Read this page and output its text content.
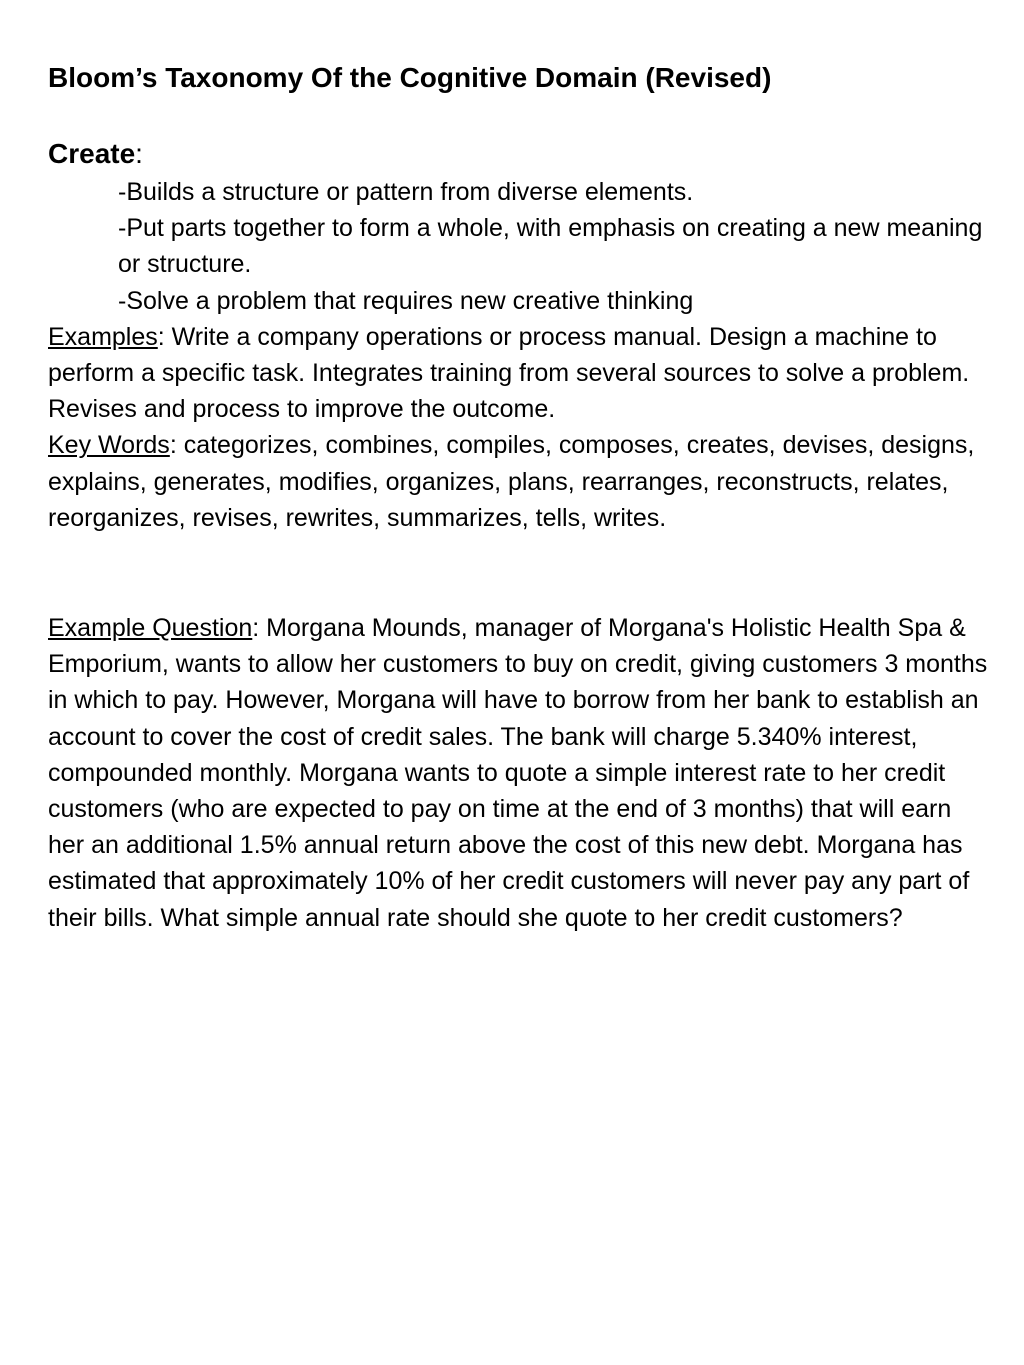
Bloom’s Taxonomy Of the Cognitive Domain (Revised)
Create:
-Builds a structure or pattern from diverse elements.
-Put parts together to form a whole, with emphasis on creating a new meaning or structure.
-Solve a problem that requires new creative thinking

Examples: Write a company operations or process manual. Design a machine to perform a specific task. Integrates training from several sources to solve a problem. Revises and process to improve the outcome.

Key Words: categorizes, combines, compiles, composes, creates, devises, designs, explains, generates, modifies, organizes, plans, rearranges, reconstructs, relates, reorganizes, revises, rewrites, summarizes, tells, writes.

Example Question: Morgana Mounds, manager of Morgana's Holistic Health Spa & Emporium, wants to allow her customers to buy on credit, giving customers 3 months in which to pay. However, Morgana will have to borrow from her bank to establish an account to cover the cost of credit sales. The bank will charge 5.340% interest, compounded monthly. Morgana wants to quote a simple interest rate to her credit customers (who are expected to pay on time at the end of 3 months) that will earn her an additional 1.5% annual return above the cost of this new debt. Morgana has estimated that approximately 10% of her credit customers will never pay any part of their bills. What simple annual rate should she quote to her credit customers?
